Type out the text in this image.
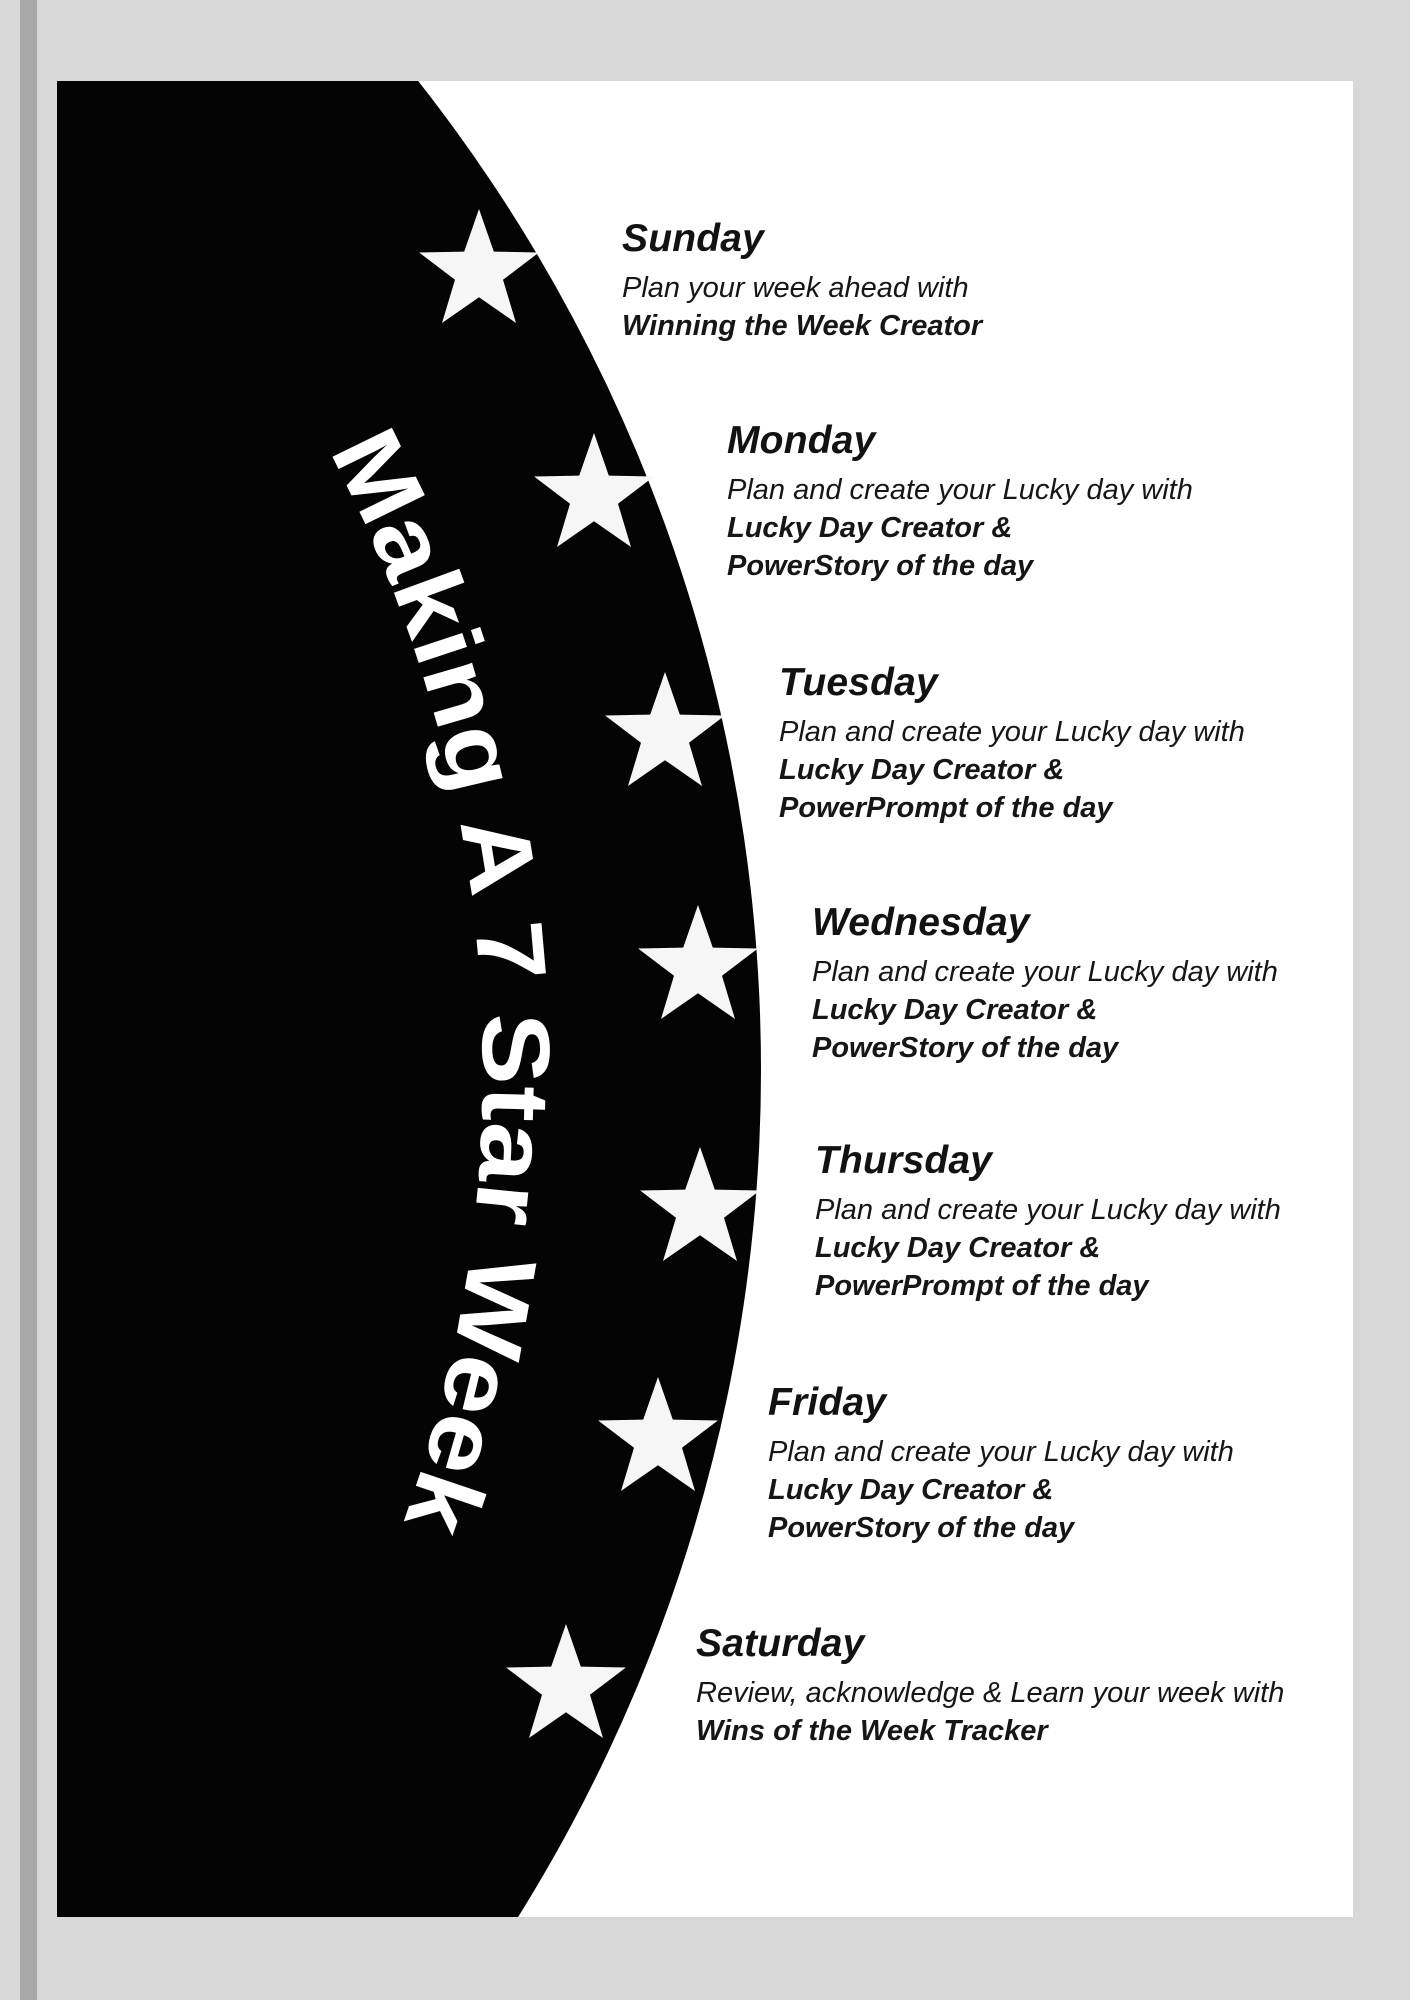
Making A 7 Star Week
Sunday
Plan your week ahead with
Winning the Week Creator
Monday
Plan and create your Lucky day with
Lucky Day Creator &
PowerStory of the day
Tuesday
Plan and create your Lucky day with
Lucky Day Creator &
PowerPrompt of the day
Wednesday
Plan and create your Lucky day with
Lucky Day Creator &
PowerStory of the day
Thursday
Plan and create your Lucky day with
Lucky Day Creator &
PowerPrompt of the day
Friday
Plan and create your Lucky day with
Lucky Day Creator &
PowerStory of the day
Saturday
Review, acknowledge & Learn your week with
Wins of the Week Tracker
